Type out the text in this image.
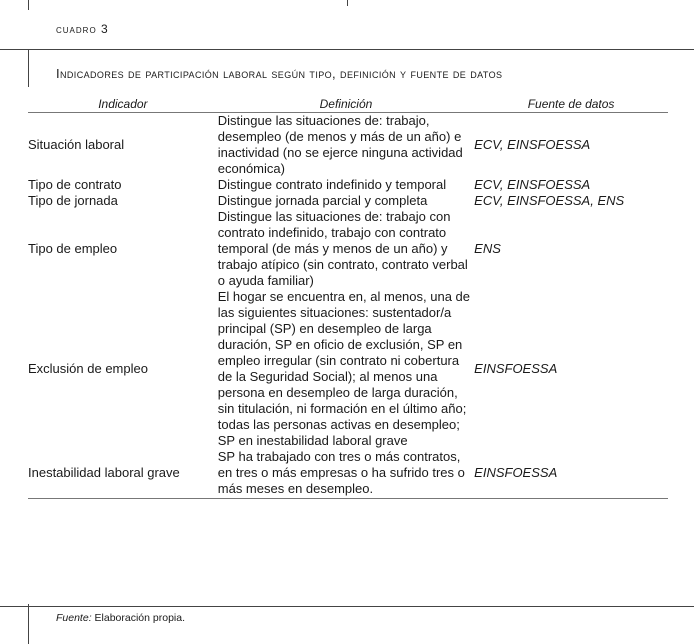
cuadro 3
Indicadores de participación laboral según tipo, definición y fuente de datos
Indicador	Definición	Fuente de datos
Situación laboral	Distingue las situaciones de: trabajo, desempleo (de menos y más de un año) e inactividad (no se ejerce ninguna actividad económica)	ECV, EINSFOESSA
Tipo de contrato	Distingue contrato indefinido y temporal	ECV, EINSFOESSA
Tipo de jornada	Distingue jornada parcial y completa	ECV, EINSFOESSA, ENS
Tipo de empleo	Distingue las situaciones de: trabajo con contrato indefinido, trabajo con contrato temporal (de más y menos de un año) y trabajo atípico (sin contrato, contrato verbal o ayuda familiar)	ENS
Exclusión de empleo	El hogar se encuentra en, al menos, una de las siguientes situaciones: sustentador/a principal (SP) en desempleo de larga duración, SP en oficio de exclusión, SP en empleo irregular (sin contrato ni cobertura de la Seguridad Social); al menos una persona en desempleo de larga duración, sin titulación, ni formación en el último año; todas las personas activas en desempleo; SP en inestabilidad laboral grave	EINSFOESSA
Inestabilidad laboral grave	SP ha trabajado con tres o más contratos, en tres o más empresas o ha sufrido tres o más meses en desempleo.	EINSFOESSA
Fuente: Elaboración propia.
